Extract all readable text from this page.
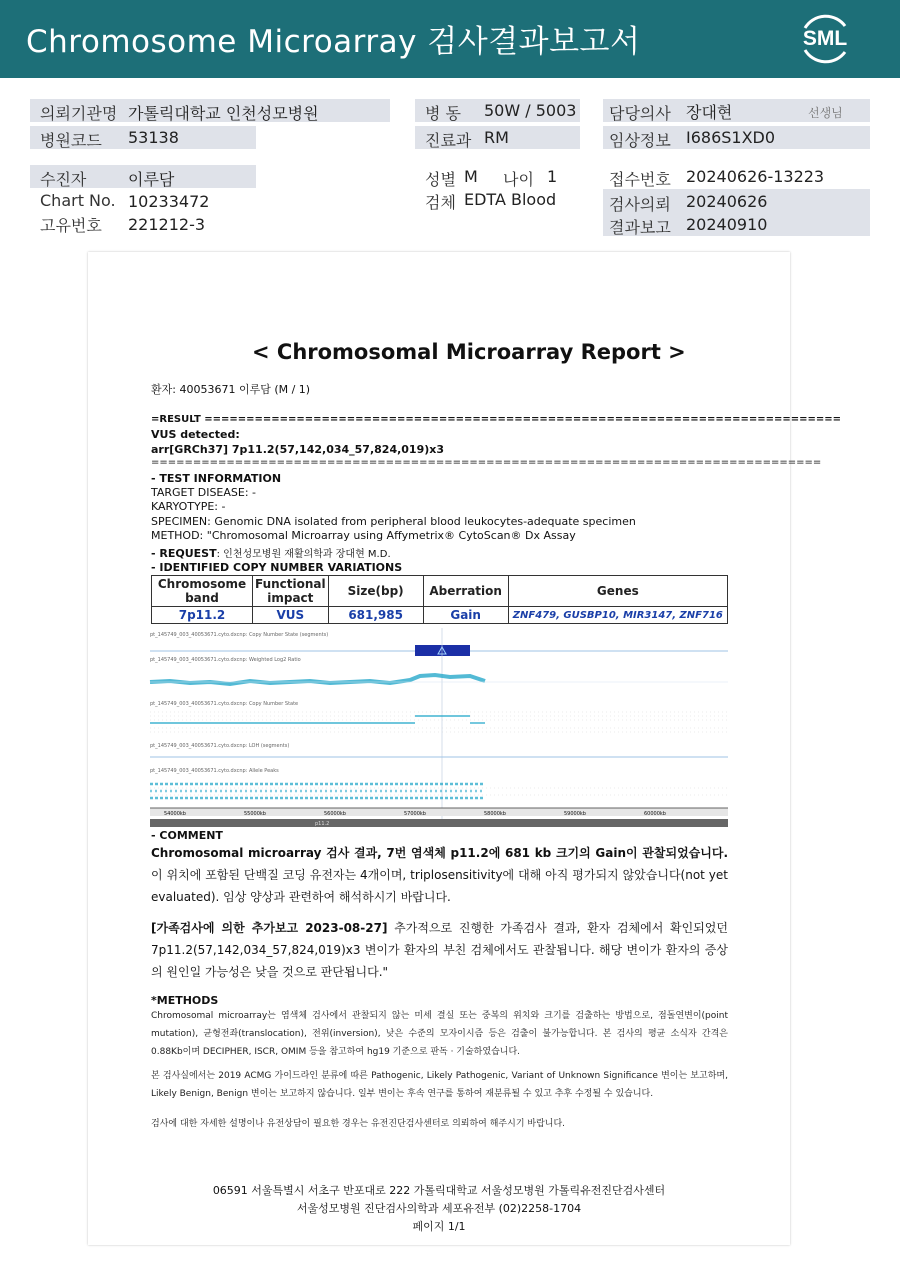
Chromosome Microarray 검사결과보고서	SML
의뢰기관명 가톨릭대학교 인천성모병원
병원코드 53138
병 동 50W / 5003
진료과 RM
담당의사 장대현	선생님
임상정보 I686S1XD0
수진자	이루담
Chart No. 10233472
고유번호 221212-3
성별 M 나이 1
검체 EDTA Blood
접수번호 20240626-13223
검사의뢰 20240626
결과보고 20240910
< Chromosomal Microarray Report >
환자: 40053671 이루담 (M / 1)
=RESULT ============================================================================
VUS detected:
arr[GRCh37] 7p11.2(57,142,034_57,824,019)x3
================================================================================
- TEST INFORMATION
TARGET DISEASE: -
KARYOTYPE: -
SPECIMEN: Genomic DNA isolated from peripheral blood leukocytes-adequate specimen
METHOD: "Chromosomal Microarray using Affymetrix® CytoScan® Dx Assay
- REQUEST: 인천성모병원 재활의학과 장대현 M.D.
- IDENTIFIED COPY NUMBER VARIATIONS
Chromosome band	Functional impact	Size(bp)	Aberration	Genes
7p11.2	VUS	681,985	Gain	ZNF479, GUSBP10, MIR3147, ZNF716
pt_145749_003_40053671.cyto.dxcnp: Copy Number State (segments)
pt_145749_003_40053671.cyto.dxcnp: Weighted Log2 Ratio
pt_145749_003_40053671.cyto.dxcnp: Copy Number State
pt_145749_003_40053671.cyto.dxcnp: LOH (segments)
pt_145749_003_40053671.cyto.dxcnp: Allele Peaks
p11.2
54000kb	55000kb	56000kb	57000kb	58000kb	59000kb	60000kb
- COMMENT
Chromosomal microarray 검사 결과, 7번 염색체 p11.2에 681 kb 크기의 Gain이 관찰되었습니다. 이 위치에 포함된 단백질 코딩 유전자는 4개이며, triplosensitivity에 대해 아직 평가되지 않았습니다(not yet evaluated). 임상 양상과 관련하여 해석하시기 바랍니다.
[가족검사에 의한 추가보고 2023-08-27] 추가적으로 진행한 가족검사 결과, 환자 검체에서 확인되었던 7p11.2(57,142,034_57,824,019)x3 변이가 환자의 부친 검체에서도 관찰됩니다. 해당 변이가 환자의 증상의 원인일 가능성은 낮을 것으로 판단됩니다."
*METHODS
Chromosomal microarray는 염색체 검사에서 관찰되지 않는 미세 결실 또는 중복의 위치와 크기를 검출하는 방법으로, 점돌연변이(point mutation), 균형전좌(translocation), 전위(inversion), 낮은 수준의 모자이시즘 등은 검출이 불가능합니다. 본 검사의 평균 소식자 간격은 0.88Kb이며 DECIPHER, ISCR, OMIM 등을 참고하여 hg19 기준으로 판독 · 기술하였습니다.
본 검사실에서는 2019 ACMG 가이드라인 분류에 따른 Pathogenic, Likely Pathogenic, Variant of Unknown Significance 변이는 보고하며, Likely Benign, Benign 변이는 보고하지 않습니다. 일부 변이는 후속 연구를 통하여 재분류될 수 있고 추후 수정될 수 있습니다.
검사에 대한 자세한 설명이나 유전상담이 필요한 경우는 유전진단검사센터로 의뢰하여 해주시기 바랍니다.
06591 서울특별시 서초구 반포대로 222 가톨릭대학교 서울성모병원 가톨릭유전진단검사센터
서울성모병원 진단검사의학과 세포유전부 (02)2258-1704
페이지 1/1
